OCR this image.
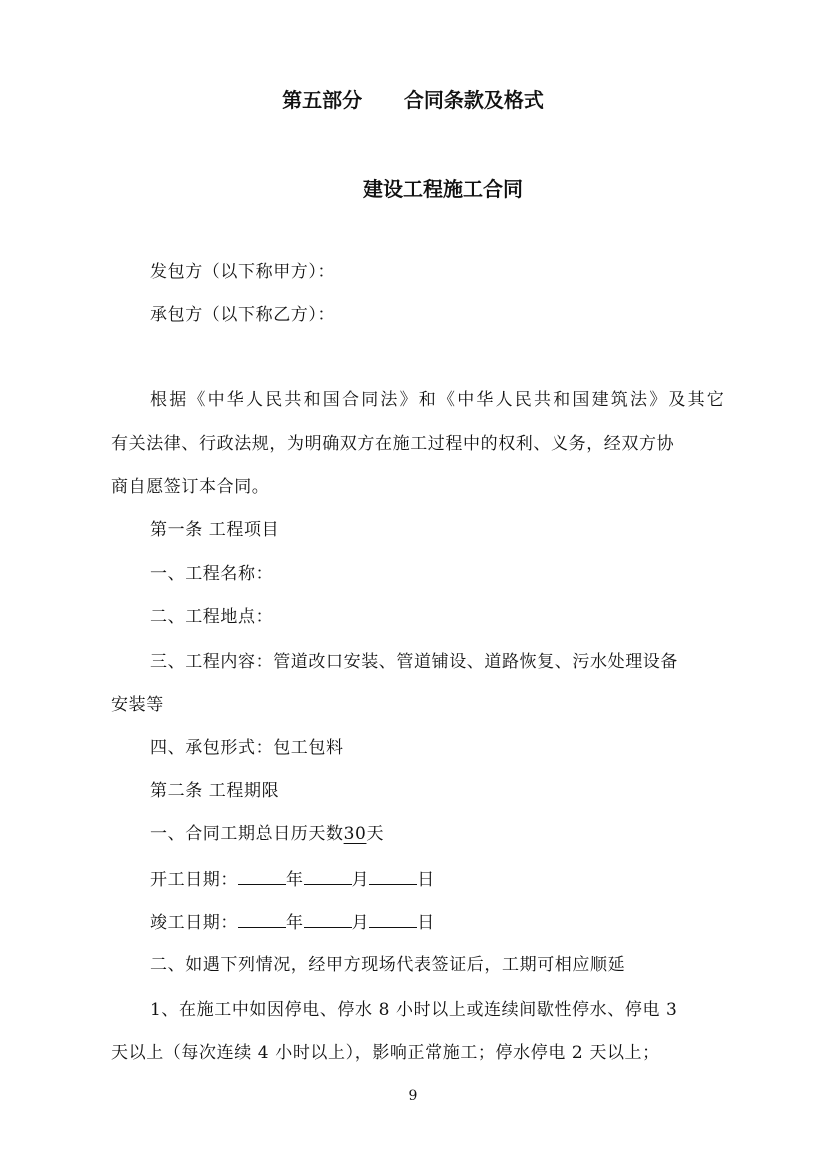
第五部分      合同条款及格式
建设工程施工合同
发包方（以下称甲方）：
承包方（以下称乙方）：
根据《中华人民共和国合同法》和《中华人民共和国建筑法》及其它
有关法律、行政法规，为明确双方在施工过程中的权利、义务，经双方协
商自愿签订本合同。
第一条 工程项目
一、工程名称：
二、工程地点：
三、工程内容：管道改口安装、管道铺设、道路恢复、污水处理设备
安装等
四、承包形式：包工包料
第二条 工程期限
一、合同工期总日历天数30天
开工日期：	年	月	日
竣工日期：	年	月	日
二、如遇下列情况，经甲方现场代表签证后，工期可相应顺延
1、在施工中如因停电、停水 8 小时以上或连续间歇性停水、停电 3
天以上（每次连续 4 小时以上），影响正常施工；停水停电 2 天以上；
9
